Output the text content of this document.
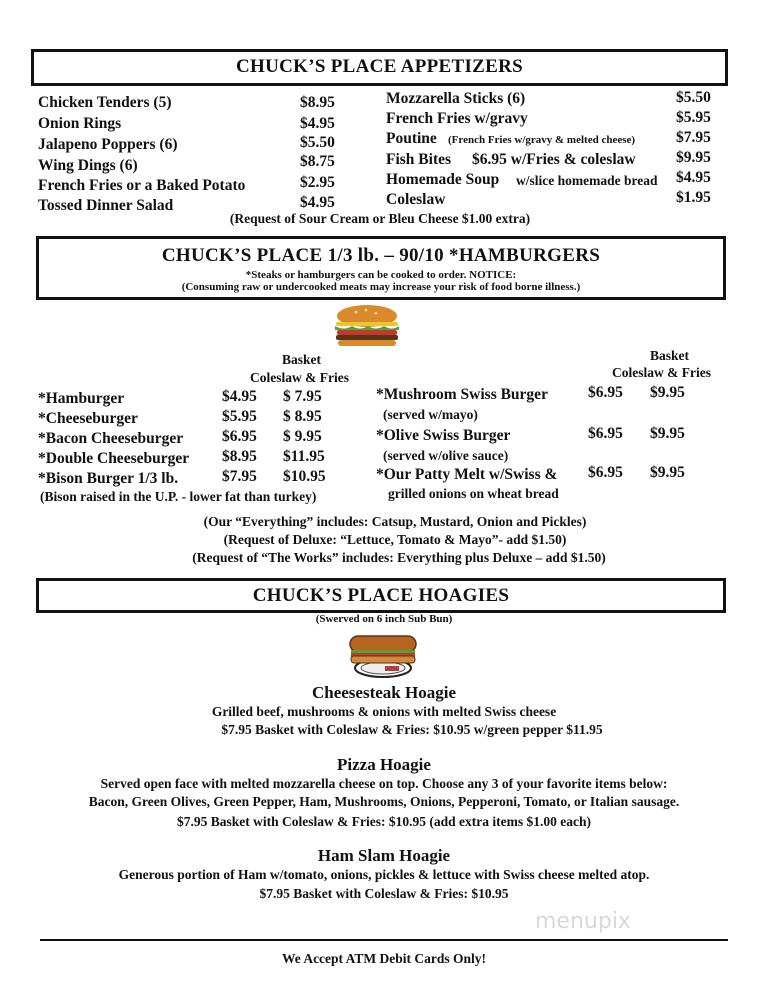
CHUCK’S PLACE APPETIZERS
Chicken Tenders (5)	$8.95
Onion Rings	$4.95
Jalapeno Poppers (6)	$5.50
Wing Dings (6)	$8.75
French Fries or a Baked Potato	$2.95
Tossed Dinner Salad	$4.95
Mozzarella Sticks (6)	$5.50
French Fries w/gravy	$5.95
Poutine (French Fries w/gravy & melted cheese)	$7.95
Fish Bites $6.95 w/Fries & coleslaw	$9.95
Homemade Soup w/slice homemade bread $4.95
Coleslaw	$1.95
(Request of Sour Cream or Bleu Cheese $1.00 extra)
CHUCK’S PLACE 1/3 lb. – 90/10 *HAMBURGERS
*Steaks or hamburgers can be cooked to order. NOTICE:
(Consuming raw or undercooked meats may increase your risk of food borne illness.)
Basket
Coleslaw & Fries
Basket
Coleslaw & Fries
*Hamburger	$4.95 $ 7.95
*Cheeseburger	$5.95 $ 8.95
*Bacon Cheeseburger	$6.95 $ 9.95
*Double Cheeseburger $8.95 $11.95
*Bison Burger 1/3 lb.	$7.95 $10.95
(Bison raised in the U.P. - lower fat than turkey)
*Mushroom Swiss Burger	$6.95 $9.95
(served w/mayo)
*Olive Swiss Burger	$6.95 $9.95
(served w/olive sauce)
*Our Patty Melt w/Swiss & $6.95 $9.95
grilled onions on wheat bread
(Our “Everything” includes: Catsup, Mustard, Onion and Pickles)
(Request of Deluxe: “Lettuce, Tomato & Mayo”- add $1.50)
(Request of “The Works” includes: Everything plus Deluxe – add $1.50)
CHUCK’S PLACE HOAGIES
(Swerved on 6 inch Sub Bun)
Cheesesteak Hoagie
Grilled beef, mushrooms & onions with melted Swiss cheese
$7.95 Basket with Coleslaw & Fries: $10.95 w/green pepper $11.95
Pizza Hoagie
Served open face with melted mozzarella cheese on top. Choose any 3 of your favorite items below:
Bacon, Green Olives, Green Pepper, Ham, Mushrooms, Onions, Pepperoni, Tomato, or Italian sausage.
$7.95 Basket with Coleslaw & Fries: $10.95 (add extra items $1.00 each)
Ham Slam Hoagie
Generous portion of Ham w/tomato, onions, pickles & lettuce with Swiss cheese melted atop.
$7.95 Basket with Coleslaw & Fries: $10.95
menupix
We Accept ATM Debit Cards Only!
